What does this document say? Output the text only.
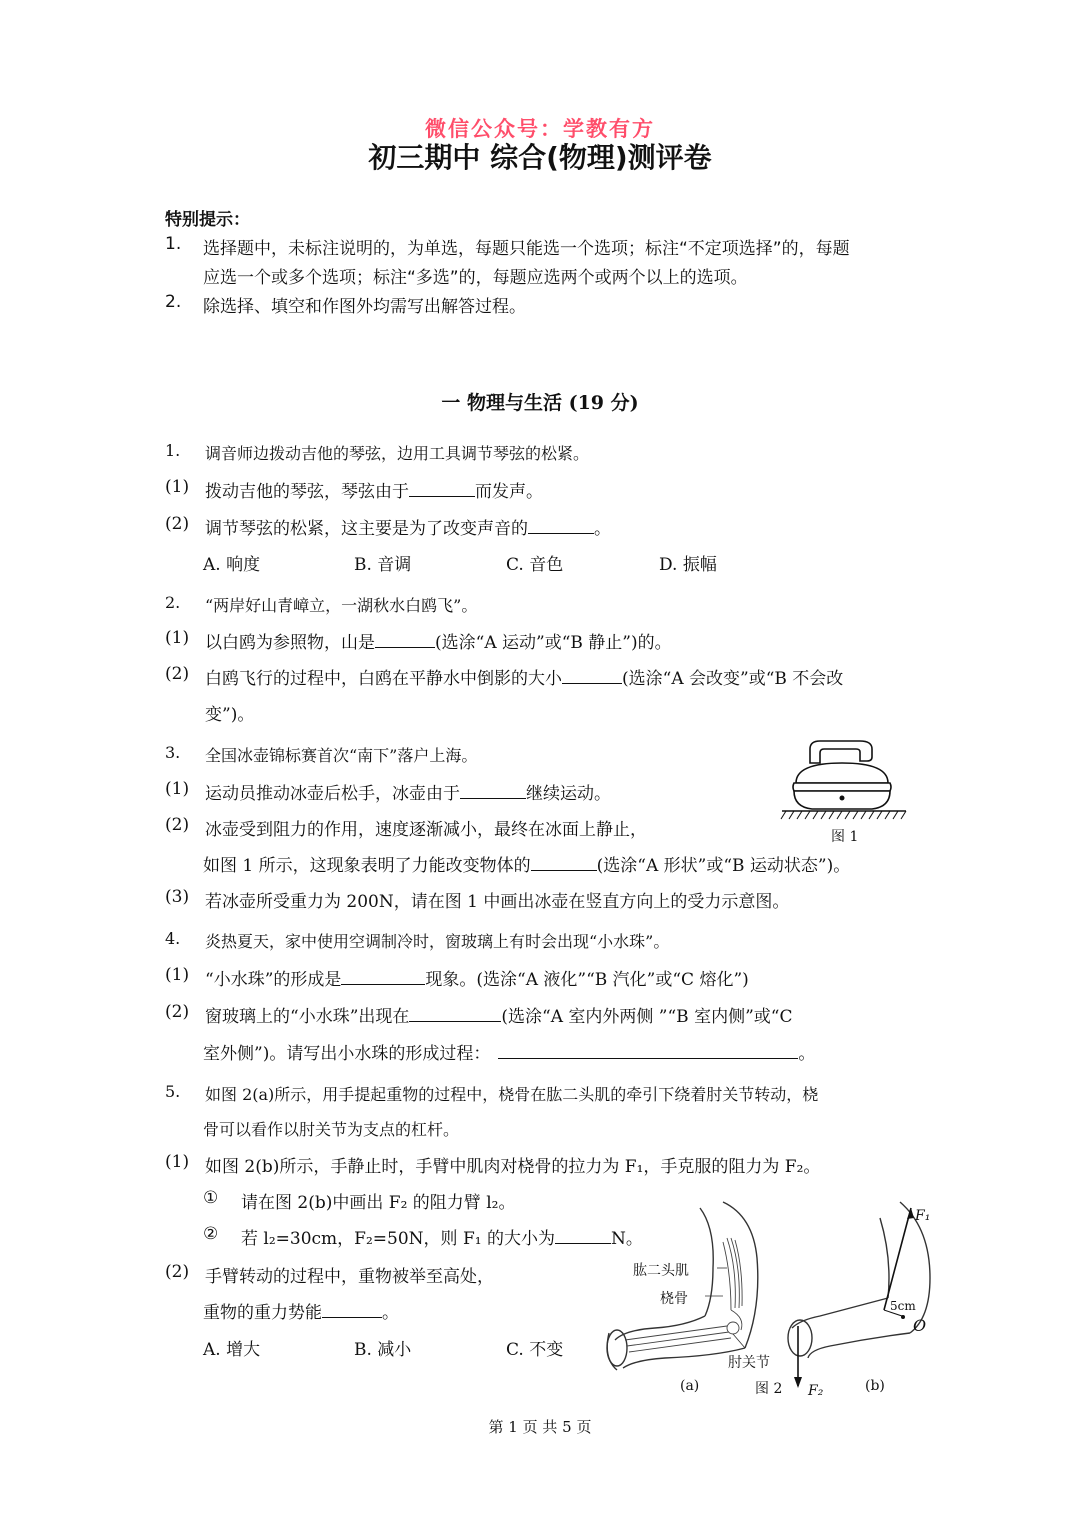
微信公众号：学教有方
初三期中 综合(物理)测评卷
特别提示：
1. 选择题中，未标注说明的，为单选，每题只能选一个选项；标注“不定项选择”的，每题
应选一个或多个选项；标注“多选”的，每题应选两个或两个以上的选项。
2. 除选择、填空和作图外均需写出解答过程。
一 物理与生活 (19 分)
1. 调音师边拨动吉他的琴弦，边用工具调节琴弦的松紧。
(1) 拨动吉他的琴弦，琴弦由于	而发声。
(2) 调节琴弦的松紧，这主要是为了改变声音的	。
A. 响度	B. 音调	C. 音色	D. 振幅
2. “两岸好山青嶂立，一湖秋水白鸥飞”。
(1) 以白鸥为参照物，山是	(选涂“A 运动”或“B 静止”)的。
(2) 白鸥飞行的过程中，白鸥在平静水中倒影的大小	(选涂“A 会改变”或“B 不会改
变”)。
3. 全国冰壶锦标赛首次“南下”落户上海。
(1) 运动员推动冰壶后松手，冰壶由于	继续运动。
(2) 冰壶受到阻力的作用，速度逐渐减小，最终在冰面上静止，
如图 1 所示，这现象表明了力能改变物体的	(选涂“A 形状”或“B 运动状态”)。
(3) 若冰壶所受重力为 200N，请在图 1 中画出冰壶在竖直方向上的受力示意图。
图 1
4. 炎热夏天，家中使用空调制冷时，窗玻璃上有时会出现“小水珠”。
(1) “小水珠”的形成是	现象。(选涂“A 液化”“B 汽化”或“C 熔化”)
(2) 窗玻璃上的“小水珠”出现在	(选涂“A 室内外两侧 ”“B 室内侧”或“C
室外侧”)。请写出小水珠的形成过程：	。
5. 如图 2(a)所示，用手提起重物的过程中，桡骨在肱二头肌的牵引下绕着肘关节转动，桡
骨可以看作以肘关节为支点的杠杆。
(1) 如图 2(b)所示，手静止时，手臂中肌肉对桡骨的拉力为 F₁，手克服的阻力为 F₂。
① 请在图 2(b)中画出 F₂ 的阻力臂 l₂。
② 若 l₂=30cm，F₂=50N，则 F₁ 的大小为	N。
(2) 手臂转动的过程中，重物被举至高处，
重物的重力势能	。
A. 增大	B. 减小	C. 不变
肱二头肌
桡骨
肘关节
F₁
5cm
O
F₂
(a)	图 2	(b)
第 1 页 共 5 页
